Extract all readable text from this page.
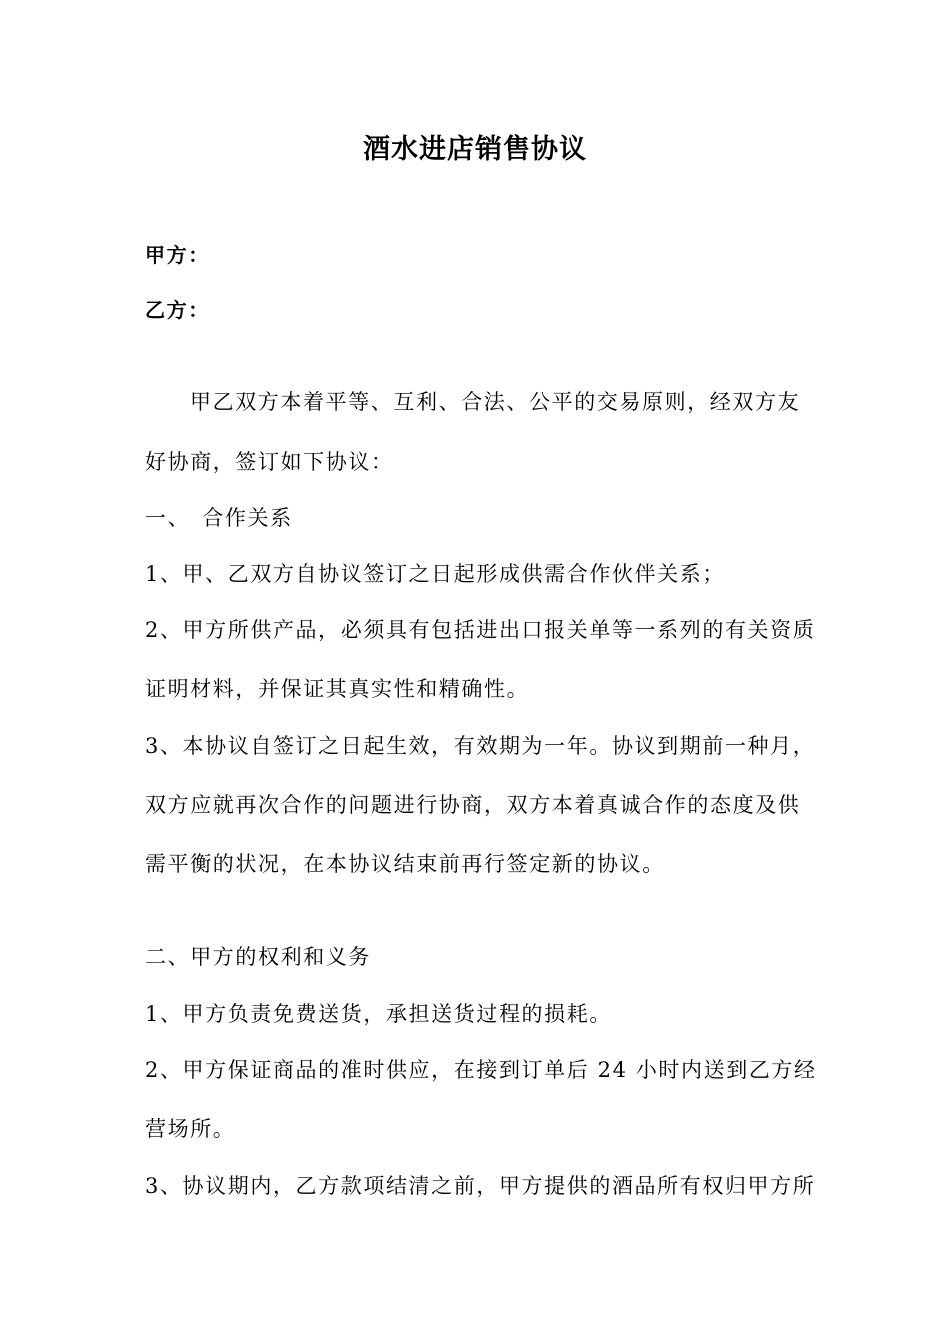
酒水进店销售协议
甲方：
乙方：
甲乙双方本着平等、互利、合法、公平的交易原则，经双方友
好协商，签订如下协议：
一、　合作关系
1、甲、乙双方自协议签订之日起形成供需合作伙伴关系；
2、甲方所供产品，必须具有包括进出口报关单等一系列的有关资质
证明材料，并保证其真实性和精确性。
3、本协议自签订之日起生效，有效期为一年。协议到期前一种月，
双方应就再次合作的问题进行协商，双方本着真诚合作的态度及供
需平衡的状况，在本协议结束前再行签定新的协议。
二、甲方的权利和义务
1、甲方负责免费送货，承担送货过程的损耗。
2、甲方保证商品的准时供应，在接到订单后 24 小时内送到乙方经
营场所。
3、协议期内，乙方款项结清之前，甲方提供的酒品所有权归甲方所
